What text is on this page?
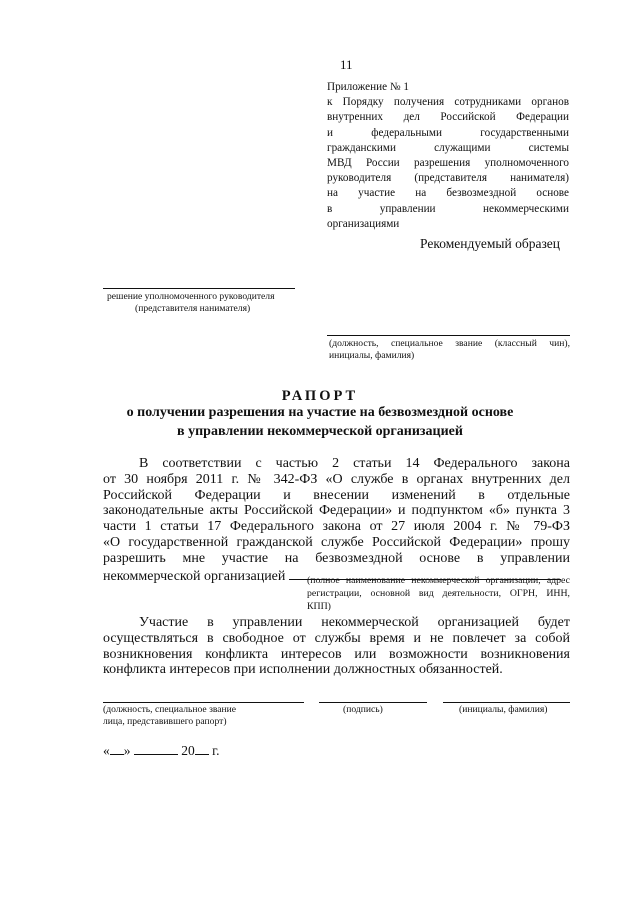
11
Приложение № 1
к Порядку получения сотрудниками органов
внутренних дел Российской Федерации
и федеральными государственными
гражданскими служащими системы
МВД России разрешения уполномоченного
руководителя (представителя нанимателя)
на участие на безвозмездной основе
в управлении некоммерческими
организациями
Рекомендуемый образец
решение уполномоченного руководителя
(представителя нанимателя)
(должность, специальное звание (классный чин),
инициалы, фамилия)
РАПОРТ
о получении разрешения на участие на безвозмездной основе
в управлении некоммерческой организацией
В соответствии с частью 2 статьи 14 Федерального закона
от 30 ноября 2011 г. № 342-ФЗ «О службе в органах внутренних дел
Российской Федерации и внесении изменений в отдельные
законодательные акты Российской Федерации» и подпунктом «б» пункта 3
части 1 статьи 17 Федерального закона от 27 июля 2004 г. № 79-ФЗ
«О государственной гражданской службе Российской Федерации» прошу
разрешить мне участие на безвозмездной основе в управлении
некоммерческой организацией	(полное наименование некоммерческой организации, адрес
регистрации, основной вид деятельности, ОГРН, ИНН,
КПП)
Участие в управлении некоммерческой организацией будет
осуществляться в свободное от службы время и не повлечет за собой
возникновения конфликта интересов или возможности возникновения
конфликта интересов при исполнении должностных обязанностей.
(должность, специальное звание
лица, представившего рапорт)
(подпись)	(инициалы, фамилия)
« »	20 г.
